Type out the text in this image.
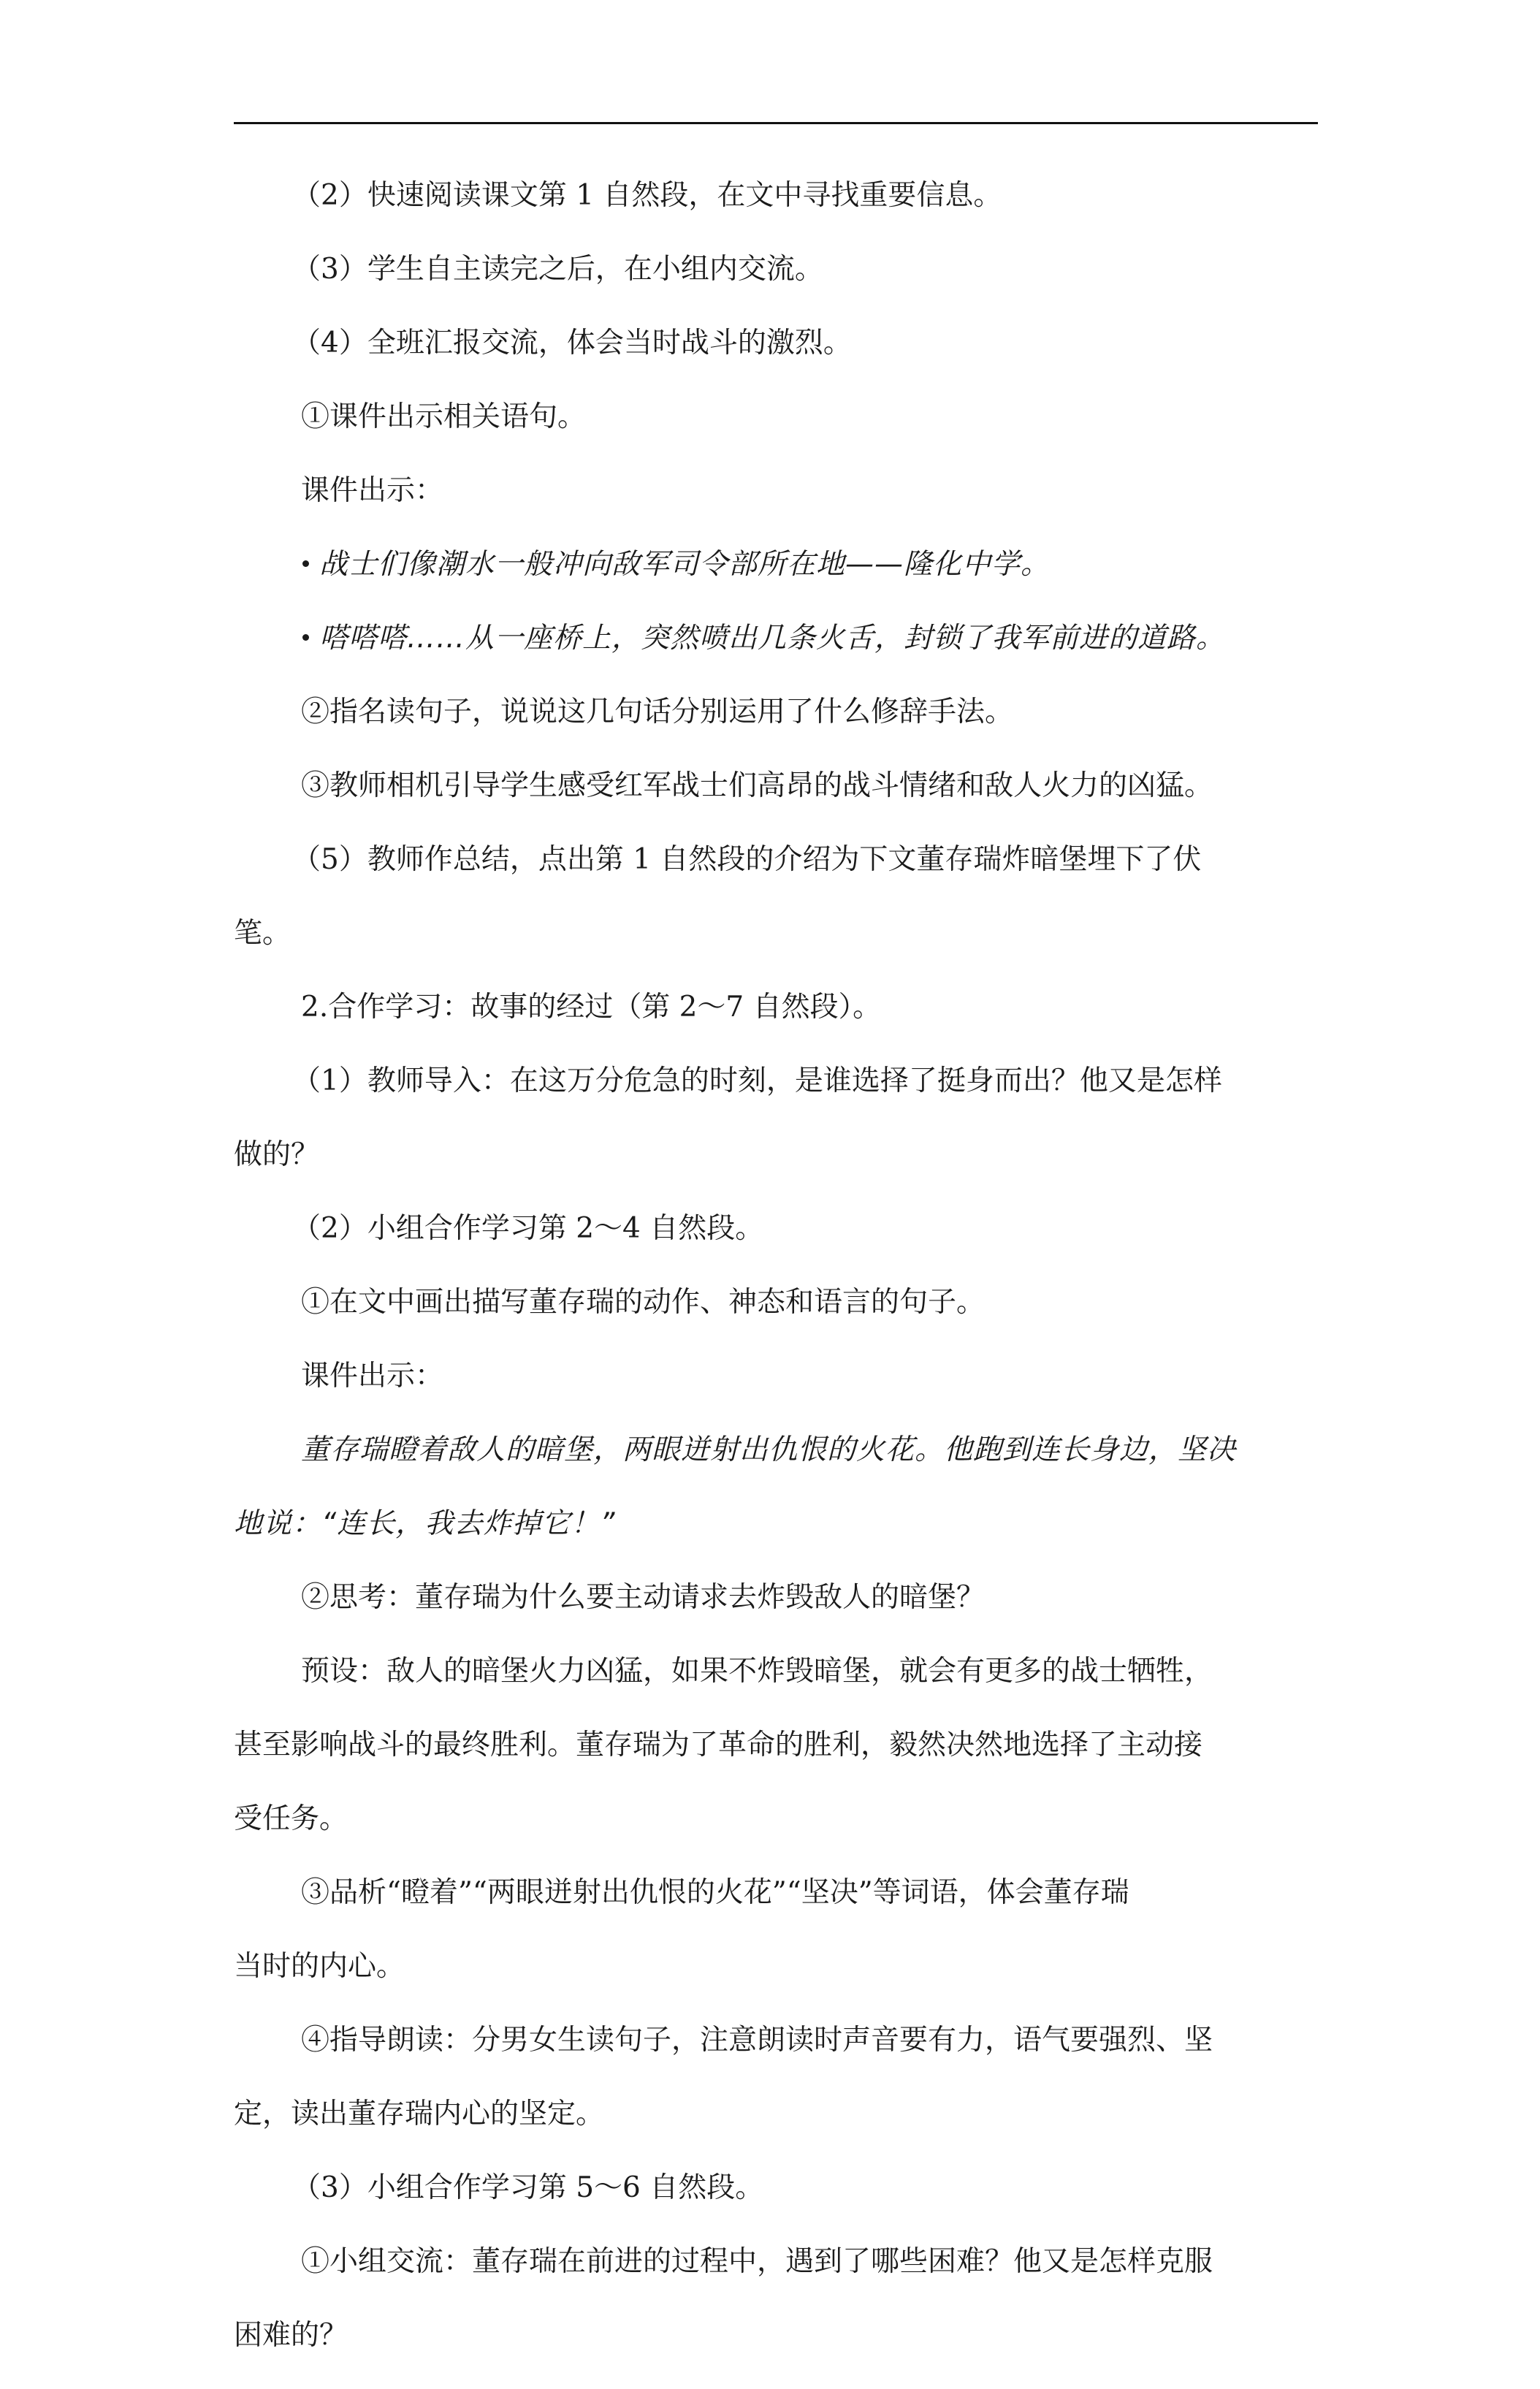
（2）快速阅读课文第 1 自然段，在文中寻找重要信息。

（3）学生自主读完之后，在小组内交流。

（4）全班汇报交流，体会当时战斗的激烈。

①课件出示相关语句。

课件出示：

战士们像潮水一般冲向敌军司令部所在地——隆化中学。

嗒嗒嗒……从一座桥上，突然喷出几条火舌，封锁了我军前进的道路。

②指名读句子，说说这几句话分别运用了什么修辞手法。

③教师相机引导学生感受红军战士们高昂的战斗情绪和敌人火力的凶猛。

（5）教师作总结，点出第 1 自然段的介绍为下文董存瑞炸暗堡埋下了伏
笔。

2.合作学习：故事的经过（第 2～7 自然段）。

（1）教师导入：在这万分危急的时刻，是谁选择了挺身而出？他又是怎样
做的？

（2）小组合作学习第 2～4 自然段。

①在文中画出描写董存瑞的动作、神态和语言的句子。

课件出示：

董存瑞瞪着敌人的暗堡，两眼迸射出仇恨的火花。他跑到连长身边，坚决
地说：“连长，我去炸掉它！”

②思考：董存瑞为什么要主动请求去炸毁敌人的暗堡？

预设：敌人的暗堡火力凶猛，如果不炸毁暗堡，就会有更多的战士牺牲，
甚至影响战斗的最终胜利。董存瑞为了革命的胜利，毅然决然地选择了主动接
受任务。

③品析“瞪着”“两眼迸射出仇恨的火花”“坚决”等词语，体会董存瑞
当时的内心。

④指导朗读：分男女生读句子，注意朗读时声音要有力，语气要强烈、坚
定，读出董存瑞内心的坚定。

（3）小组合作学习第 5～6 自然段。

①小组交流：董存瑞在前进的过程中，遇到了哪些困难？他又是怎样克服
困难的？
